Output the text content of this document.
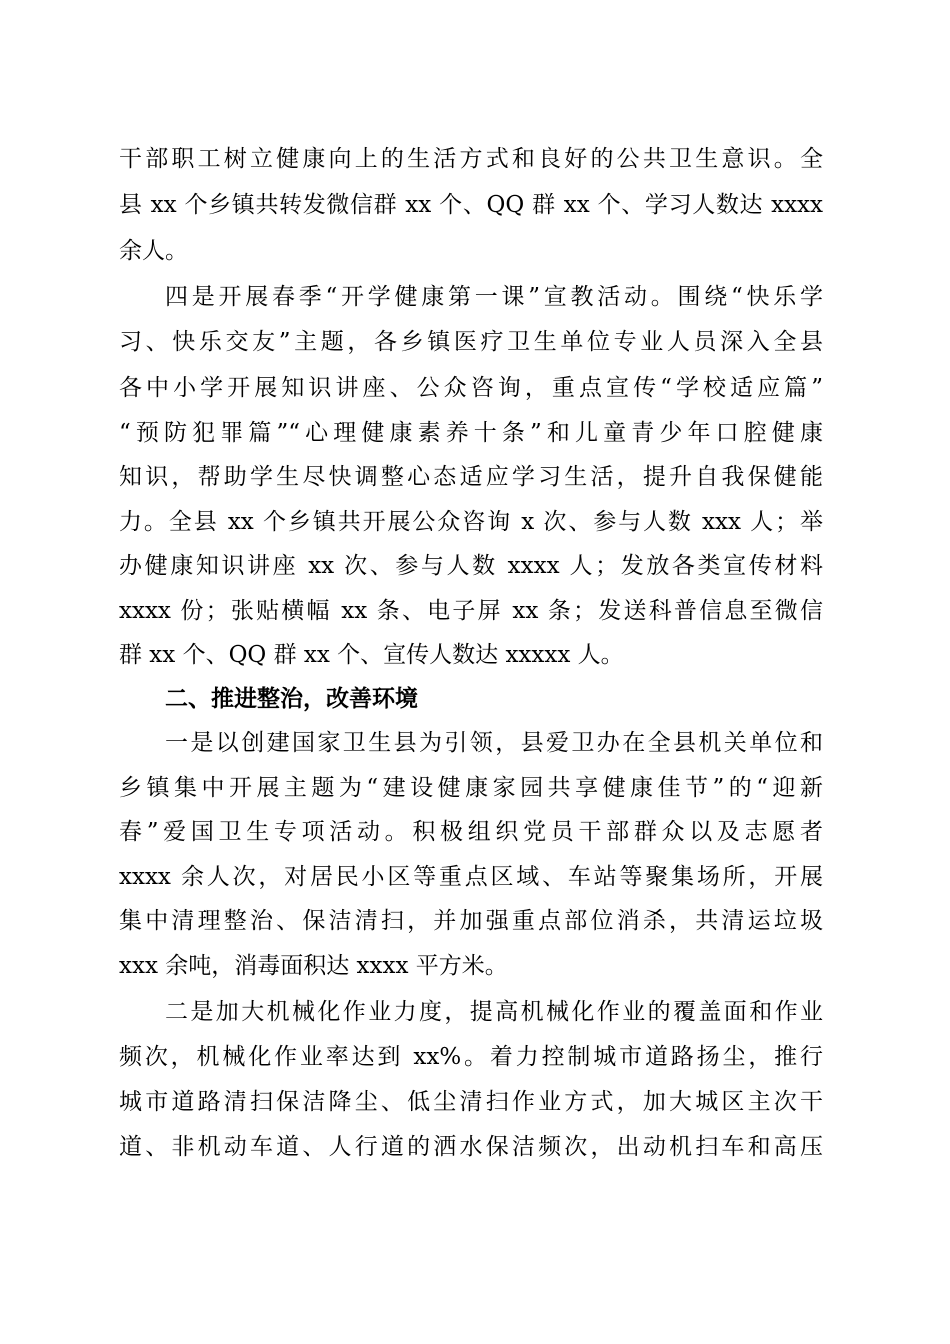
干部职工树立健康向上的生活方式和良好的公共卫生意识。全

县 xx 个乡镇共转发微信群 xx 个、QQ 群 xx 个、学习人数达 xxxx

余人。

四是开展春季“开学健康第一课”宣教活动。围绕“快乐学

习、快乐交友”主题，各乡镇医疗卫生单位专业人员深入全县

各中小学开展知识讲座、公众咨询，重点宣传“学校适应篇”

“预防犯罪篇”“心理健康素养十条”和儿童青少年口腔健康

知识，帮助学生尽快调整心态适应学习生活，提升自我保健能

力。全县 xx 个乡镇共开展公众咨询 x 次、参与人数 xxx 人；举

办健康知识讲座 xx 次、参与人数 xxxx 人；发放各类宣传材料

xxxx 份；张贴横幅 xx 条、电子屏 xx 条；发送科普信息至微信

群 xx 个、QQ 群 xx 个、宣传人数达 xxxxx 人。

二、推进整治，改善环境

一是以创建国家卫生县为引领，县爱卫办在全县机关单位和

乡镇集中开展主题为“建设健康家园共享健康佳节”的“迎新

春”爱国卫生专项活动。积极组织党员干部群众以及志愿者

xxxx 余人次，对居民小区等重点区域、车站等聚集场所，开展

集中清理整治、保洁清扫，并加强重点部位消杀，共清运垃圾

xxx 余吨，消毒面积达 xxxx 平方米。

二是加大机械化作业力度，提高机械化作业的覆盖面和作业

频次，机械化作业率达到 xx%。着力控制城市道路扬尘，推行

城市道路清扫保洁降尘、低尘清扫作业方式，加大城区主次干

道、非机动车道、人行道的洒水保洁频次，出动机扫车和高压
